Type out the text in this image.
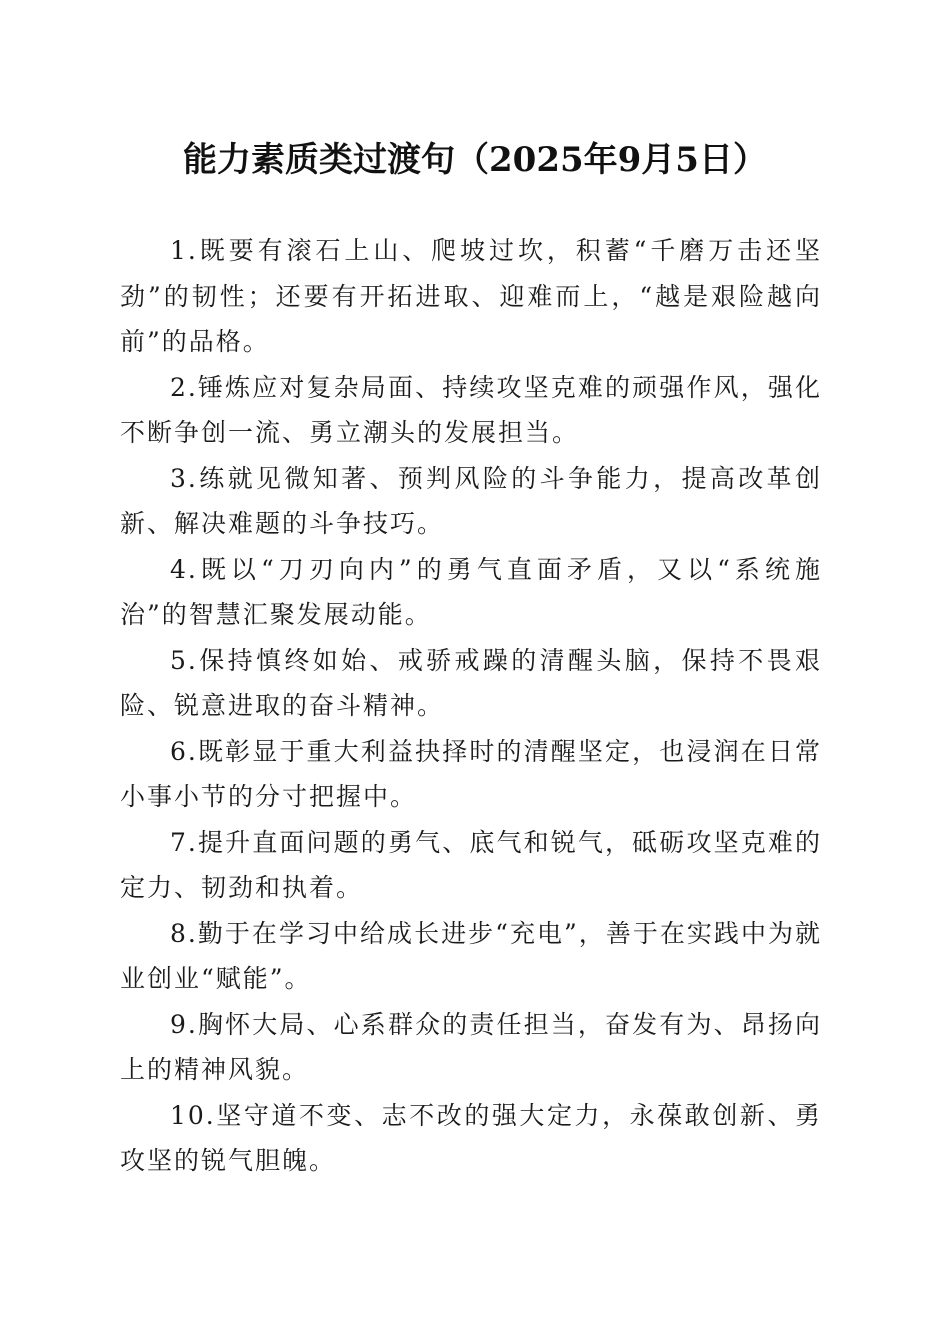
能力素质类过渡句（2025年9月5日）

1.既要有滚石上山、爬坡过坎，积蓄“千磨万击还坚劲”的韧性；还要有开拓进取、迎难而上，“越是艰险越向前”的品格。

2.锤炼应对复杂局面、持续攻坚克难的顽强作风，强化不断争创一流、勇立潮头的发展担当。

3.练就见微知著、预判风险的斗争能力，提高改革创新、解决难题的斗争技巧。

4.既以“刀刃向内”的勇气直面矛盾，又以“系统施治”的智慧汇聚发展动能。

5.保持慎终如始、戒骄戒躁的清醒头脑，保持不畏艰险、锐意进取的奋斗精神。

6.既彰显于重大利益抉择时的清醒坚定，也浸润在日常小事小节的分寸把握中。

7.提升直面问题的勇气、底气和锐气，砥砺攻坚克难的定力、韧劲和执着。

8.勤于在学习中给成长进步“充电”，善于在实践中为就业创业“赋能”。

9.胸怀大局、心系群众的责任担当，奋发有为、昂扬向上的精神风貌。

10.坚守道不变、志不改的强大定力，永葆敢创新、勇攻坚的锐气胆魄。
